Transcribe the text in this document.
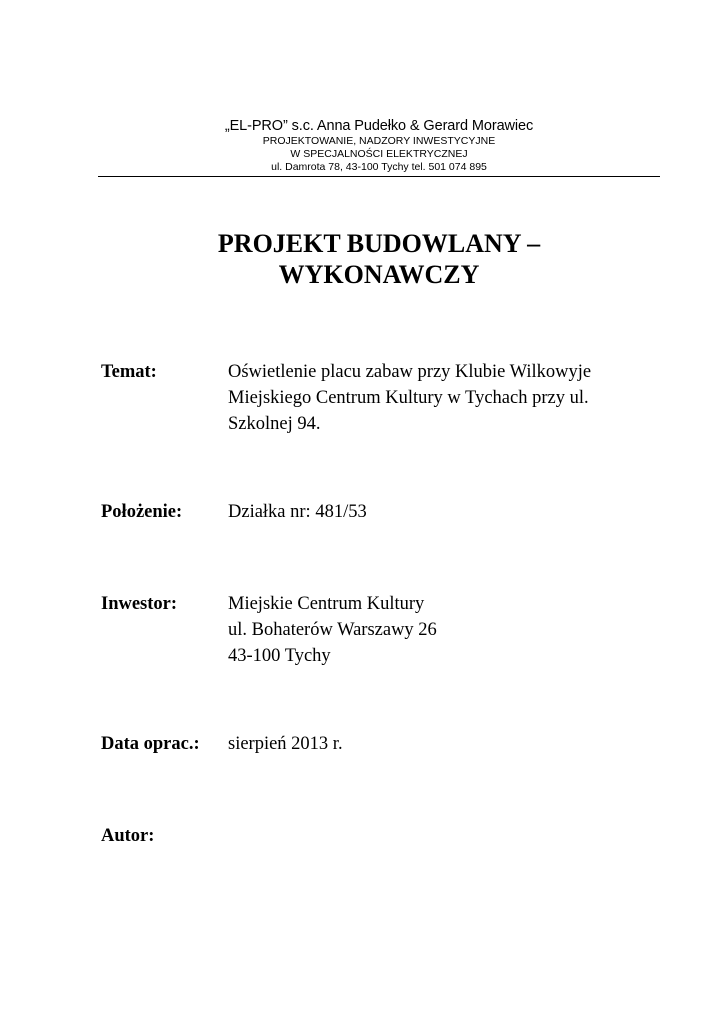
„EL-PRO” s.c. Anna Pudełko & Gerard Morawiec
PROJEKTOWANIE, NADZORY INWESTYCYJNE
W SPECJALNOŚCI ELEKTRYCZNEJ
ul. Damrota 78, 43-100 Tychy tel. 501 074 895
PROJEKT BUDOWLANY –
WYKONAWCZY
Temat:	Oświetlenie placu zabaw przy Klubie Wilkowyje
Miejskiego Centrum Kultury w Tychach przy ul.
Szkolnej 94.
Położenie: Działka nr: 481/53
Inwestor:	Miejskie Centrum Kultury
ul. Bohaterów Warszawy 26
43-100 Tychy
Data oprac.: sierpień 2013 r.
Autor:
